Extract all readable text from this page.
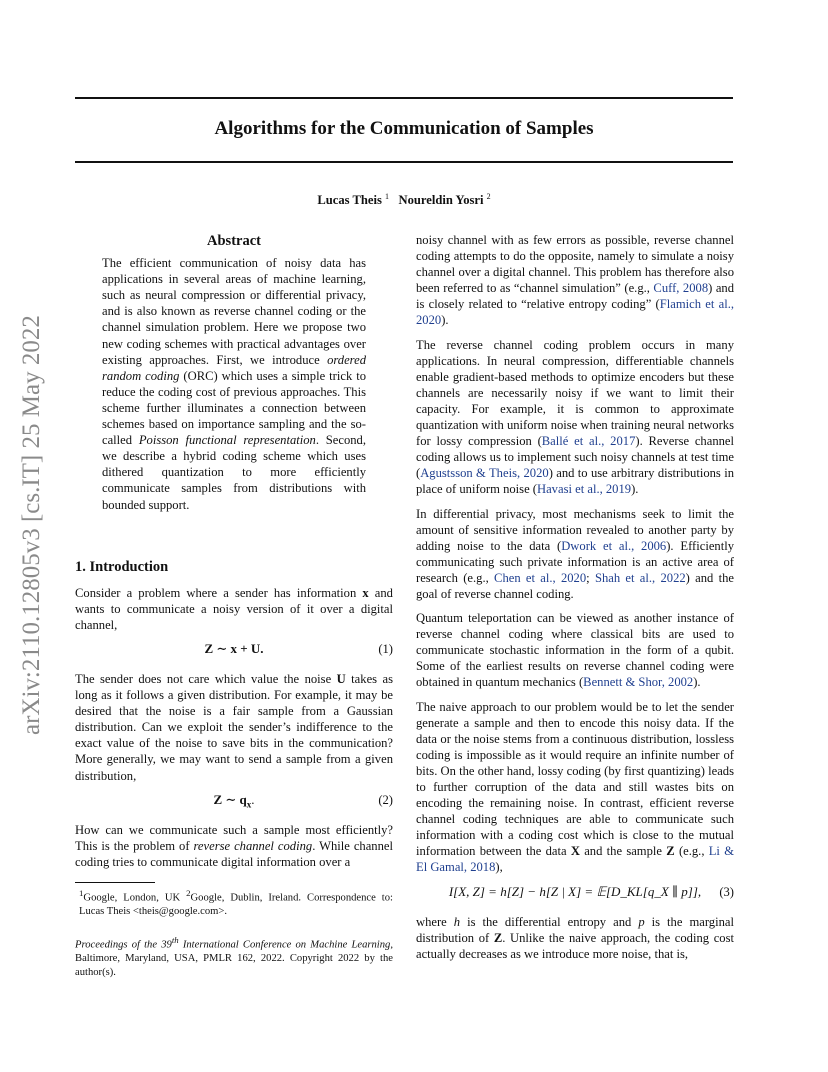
Algorithms for the Communication of Samples
Lucas Theis $^1$ Noureldin Yosri $^2$
arXiv:2110.12805v3 [cs.IT] 25 May 2022
Abstract

The efficient communication of noisy data has applications in several areas of machine learning, such as neural compression or differential privacy, and is also known as reverse channel coding or the channel simulation problem. Here we propose two new coding schemes with practical advantages over existing approaches. First, we introduce ordered random coding (ORC) which uses a simple trick to reduce the coding cost of previous approaches. This scheme further illuminates a connection between schemes based on importance sampling and the so-called Poisson functional representation. Second, we describe a hybrid coding scheme which uses dithered quantization to more efficiently communicate samples from distributions with bounded support.

1. Introduction

Consider a problem where a sender has information x and wants to communicate a noisy version of it over a digital channel,

Z ∼ x + U.	(1)

The sender does not care which value the noise U takes as long as it follows a given distribution. For example, it may be desired that the noise is a fair sample from a Gaussian distribution. Can we exploit the sender’s indifference to the exact value of the noise to save bits in the communication? More generally, we may want to send a sample from a given distribution,

Z ∼ $q_x$.	(2)

How can we communicate such a sample most efficiently? This is the problem of reverse channel coding. While channel coding tries to communicate digital information over a

$^1$Google, London, UK $^2$Google, Dublin, Ireland. Correspondence to: Lucas Theis <theis@google.com>.

Proceedings of the 39th International Conference on Machine Learning, Baltimore, Maryland, USA, PMLR 162, 2022. Copyright 2022 by the author(s).

noisy channel with as few errors as possible, reverse channel coding attempts to do the opposite, namely to simulate a noisy channel over a digital channel. This problem has therefore also been referred to as “channel simulation” (e.g., Cuff, 2008) and is closely related to “relative entropy coding” (Flamich et al., 2020).

The reverse channel coding problem occurs in many applications. In neural compression, differentiable channels enable gradient-based methods to optimize encoders but these channels are necessarily noisy if we want to limit their capacity. For example, it is common to approximate quantization with uniform noise when training neural networks for lossy compression (Ballé et al., 2017). Reverse channel coding allows us to implement such noisy channels at test time (Agustsson & Theis, 2020) and to use arbitrary distributions in place of uniform noise (Havasi et al., 2019).

In differential privacy, most mechanisms seek to limit the amount of sensitive information revealed to another party by adding noise to the data (Dwork et al., 2006). Efficiently communicating such private information is an active area of research (e.g., Chen et al., 2020; Shah et al., 2022) and the goal of reverse channel coding.

Quantum teleportation can be viewed as another instance of reverse channel coding where classical bits are used to communicate stochastic information in the form of a qubit. Some of the earliest results on reverse channel coding were obtained in quantum mechanics (Bennett & Shor, 2002).

The naive approach to our problem would be to let the sender generate a sample and then to encode this noisy data. If the data or the noise stems from a continuous distribution, lossless coding is impossible as it would require an infinite number of bits. On the other hand, lossy coding (by first quantizing) leads to further corruption of the data and still wastes bits on encoding the remaining noise. In contrast, efficient reverse channel coding techniques are able to communicate such information with a coding cost which is close to the mutual information between the data X and the sample Z (e.g., Li & El Gamal, 2018),

I[X, Z] = h[Z] − h[Z | X] = 𝔼[D_KL[q_X ∥ p]],	(3)

where h is the differential entropy and p is the marginal distribution of Z. Unlike the naive approach, the coding cost actually decreases as we introduce more noise, that is,
